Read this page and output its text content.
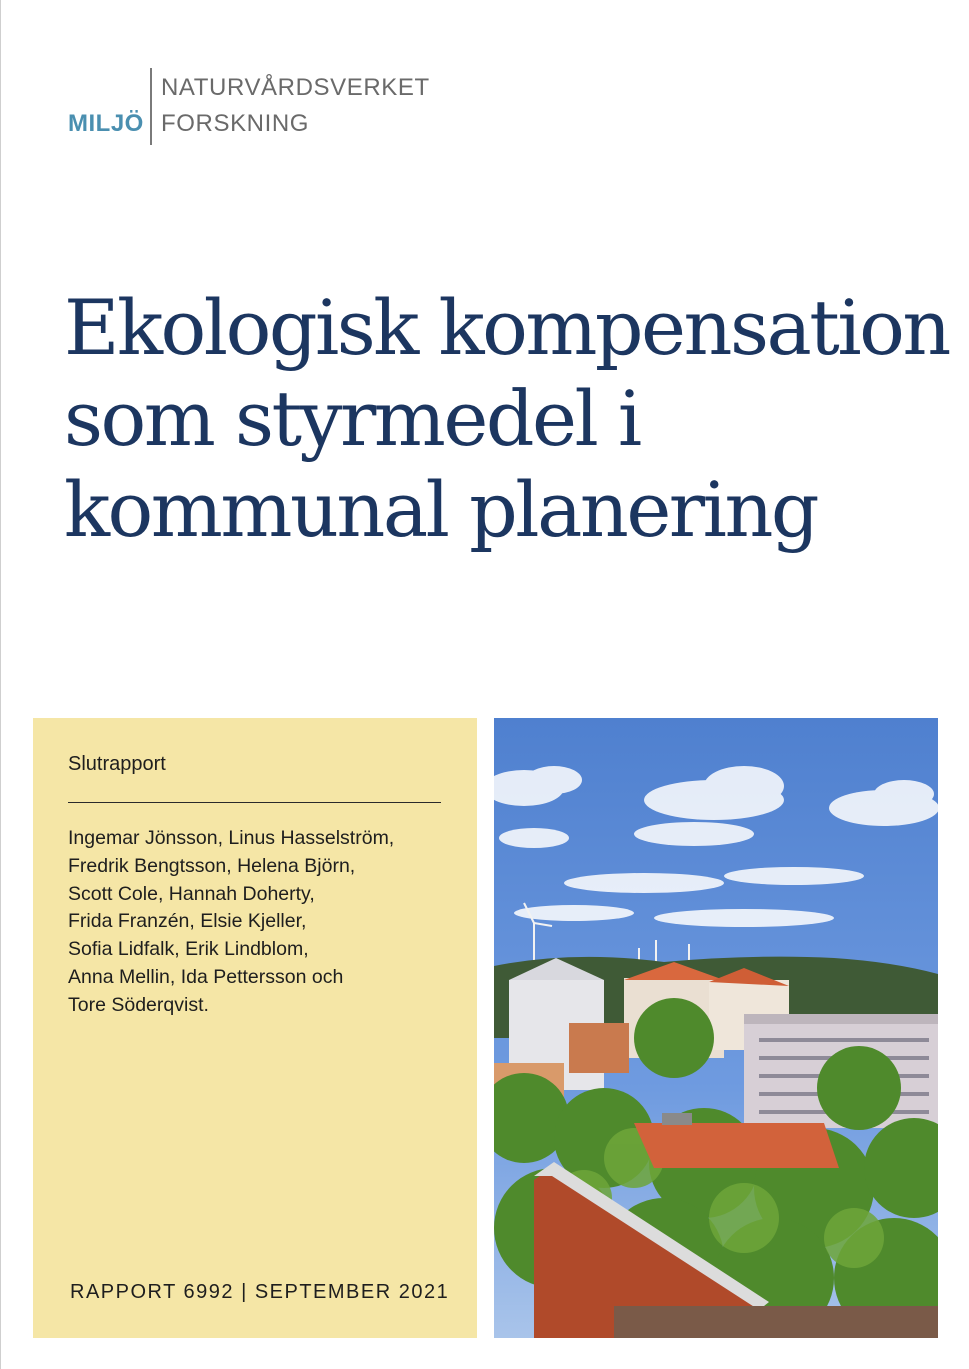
MILJÖ
NATURVÅRDSVERKET
FORSKNING
Ekologisk kompensation
som styrmedel i
kommunal planering
Slutrapport
Ingemar Jönsson, Linus Hasselström,
Fredrik Bengtsson, Helena Björn,
Scott Cole, Hannah Doherty,
Frida Franzén, Elsie Kjeller,
Sofia Lidfalk, Erik Lindblom,
Anna Mellin, Ida Pettersson och
Tore Söderqvist.
RAPPORT 6992 | SEPTEMBER 2021
